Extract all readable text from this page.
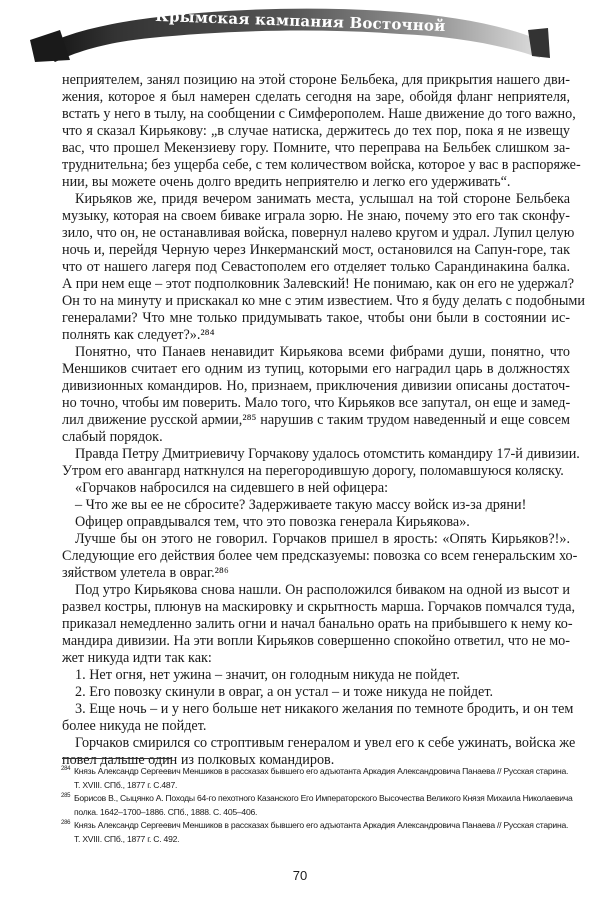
Крымская кампания Восточной войны
неприятелем, занял позицию на этой стороне Бельбека, для прикрытия нашего дви-
жения, которое я был намерен сделать сегодня на заре, обойдя фланг неприятеля,
встать у него в тылу, на сообщении с Симферополем. Наше движение до того важно,
что я сказал Кирьякову: „в случае натиска, держитесь до тех пор, пока я не извещу
вас, что прошел Мекензиеву гору. Помните, что переправа на Бельбек слишком за-
труднительна; без ущерба себе, с тем количеством войска, которое у вас в распоряже-
нии, вы можете очень долго вредить неприятелю и легко его удерживать“.
Кирьяков же, придя вечером занимать места, услышал на той стороне Бельбека
музыку, которая на своем биваке играла зорю. Не знаю, почему это его так сконфу-
зило, что он, не останавливая войска, повернул налево кругом и удрал. Лупил целую
ночь и, перейдя Черную через Инкерманский мост, остановился на Сапун-горе, так
что от нашего лагеря под Севастополем его отделяет только Сарандинакина балка.
А при нем еще – этот подполковник Залевский! Не понимаю, как он его не удержал?
Он то на минуту и прискакал ко мне с этим известием. Что я буду делать с подобными
генералами? Что мне только придумывать такое, чтобы они были в состоянии ис-
полнять как следует?».²⁸⁴
Понятно, что Панаев ненавидит Кирьякова всеми фибрами души, понятно, что
Меншиков считает его одним из тупиц, которыми его наградил царь в должностях
дивизионных командиров. Но, признаем, приключения дивизии описаны достаточ-
но точно, чтобы им поверить. Мало того, что Кирьяков все запутал, он еще и замед-
лил движение русской армии,²⁸⁵ нарушив с таким трудом наведенный и еще совсем
слабый порядок.
Правда Петру Дмитриевичу Горчакову удалось отомстить командиру 17-й дивизии.
Утром его авангард наткнулся на перегородившую дорогу, поломавшуюся коляску.
«Горчаков набросился на сидевшего в ней офицера:
– Что же вы ее не сбросите? Задерживаете такую массу войск из-за дряни!
Офицер оправдывался тем, что это повозка генерала Кирьякова».
Лучше бы он этого не говорил. Горчаков пришел в ярость: «Опять Кирьяков?!».
Следующие его действия более чем предсказуемы: повозка со всем генеральским хо-
зяйством улетела в овраг.²⁸⁶
Под утро Кирьякова снова нашли. Он расположился биваком на одной из высот и
развел костры, плюнув на маскировку и скрытность марша. Горчаков помчался туда,
приказал немедленно залить огни и начал банально орать на прибывшего к нему ко-
мандира дивизии. На эти вопли Кирьяков совершенно спокойно ответил, что не мо-
жет никуда идти так как:
1. Нет огня, нет ужина – значит, он голодным никуда не пойдет.
2. Его повозку скинули в овраг, а он устал – и тоже никуда не пойдет.
3. Еще ночь – и у него больше нет никакого желания по темноте бродить, и он тем
более никуда не пойдет.
Горчаков смирился со строптивым генералом и увел его к себе ужинать, войска же
повел дальше один из полковых командиров.
284 Князь Александр Сергеевич Меншиков в рассказах бывшего его адъютанта Аркадия Александровича Панаева // Русская старина. Т. XVIII. СПб., 1877 г. С.487.
285 Борисов В., Сыцянко А. Походы 64-го пехотного Казанского Его Императорского Высочества Великого Князя Михаила Николаевича полка. 1642–1700–1886. СПб., 1888. С. 405–406.
286 Князь Александр Сергеевич Меншиков в рассказах бывшего его адъютанта Аркадия Александровича Панаева // Русская старина. Т. XVIII. СПб., 1877 г. С. 492.
70
